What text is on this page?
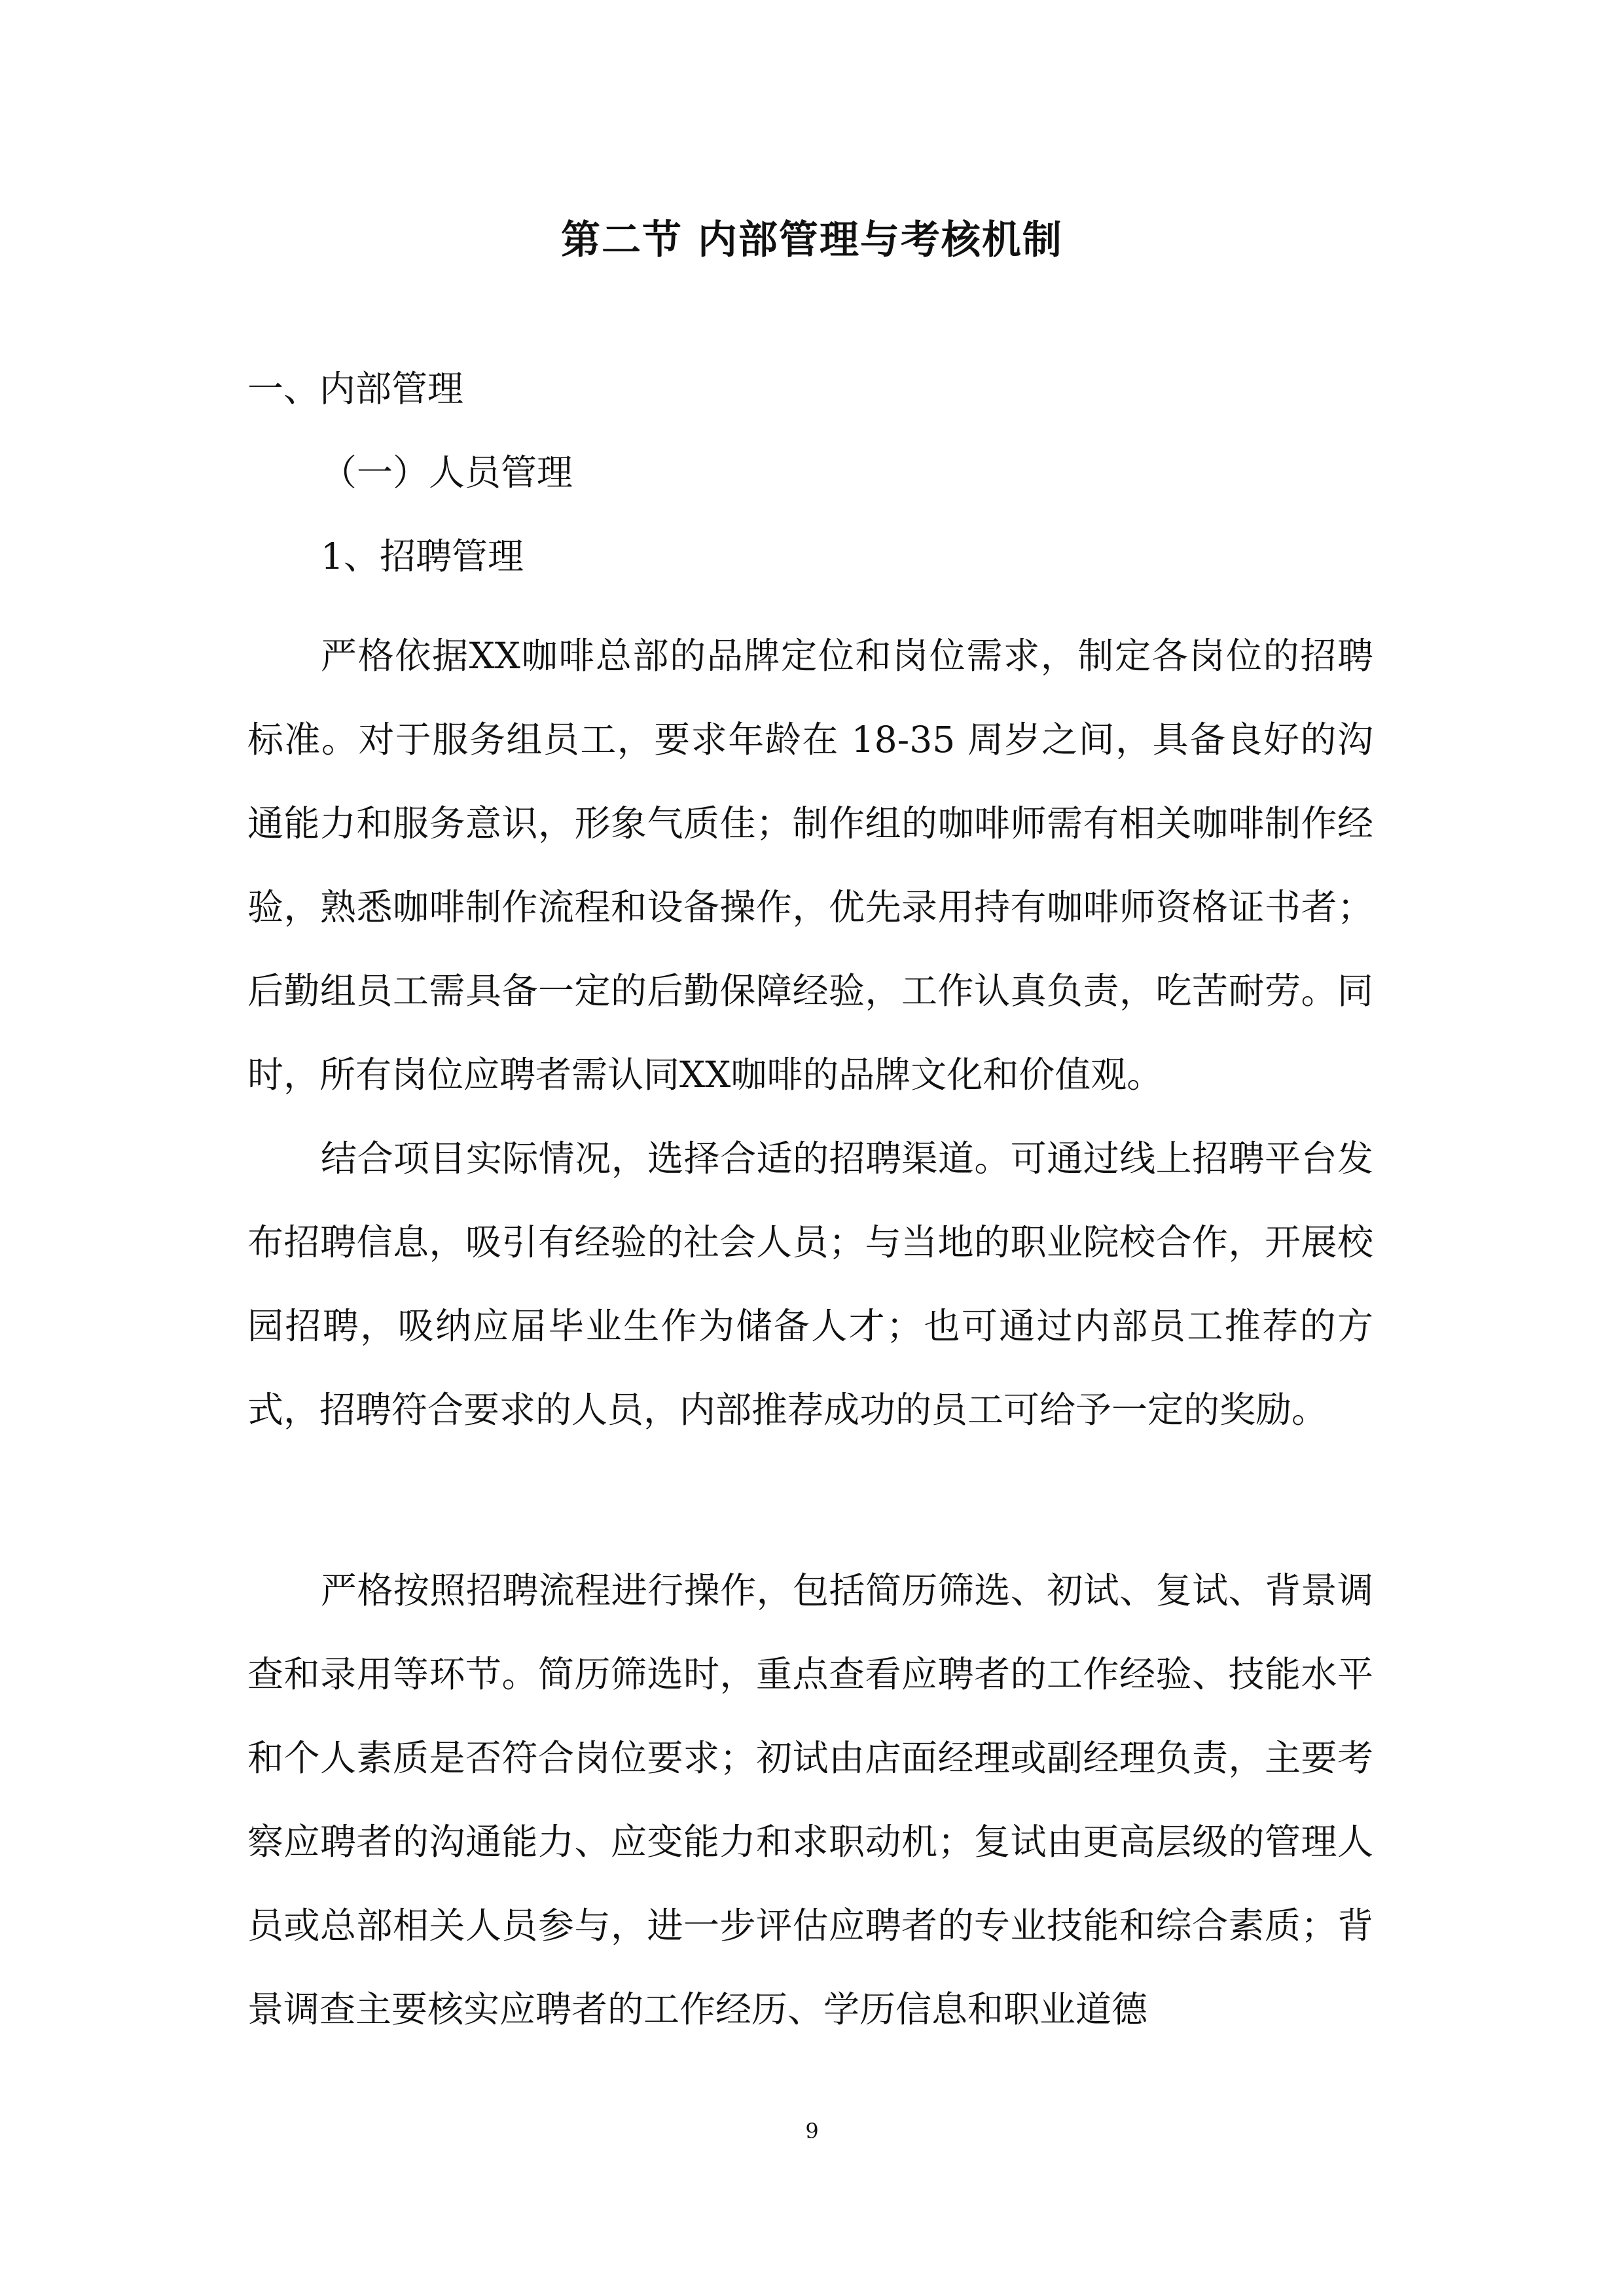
第二节 内部管理与考核机制

一、内部管理

（一）人员管理

1、招聘管理

严格依据XX咖啡总部的品牌定位和岗位需求，制定各岗位的招聘标准。对于服务组员工，要求年龄在 18-35 周岁之间，具备良好的沟通能力和服务意识，形象气质佳；制作组的咖啡师需有相关咖啡制作经验，熟悉咖啡制作流程和设备操作，优先录用持有咖啡师资格证书者；后勤组员工需具备一定的后勤保障经验，工作认真负责，吃苦耐劳。同时，所有岗位应聘者需认同XX咖啡的品牌文化和价值观。

结合项目实际情况，选择合适的招聘渠道。可通过线上招聘平台发布招聘信息，吸引有经验的社会人员；与当地的职业院校合作，开展校园招聘，吸纳应届毕业生作为储备人才；也可通过内部员工推荐的方式，招聘符合要求的人员，内部推荐成功的员工可给予一定的奖励。

严格按照招聘流程进行操作，包括简历筛选、初试、复试、背景调查和录用等环节。简历筛选时，重点查看应聘者的工作经验、技能水平和个人素质是否符合岗位要求；初试由店面经理或副经理负责，主要考察应聘者的沟通能力、应变能力和求职动机；复试由更高层级的管理人员或总部相关人员参与，进一步评估应聘者的专业技能和综合素质；背景调查主要核实应聘者的工作经历、学历信息和职业道德

9
